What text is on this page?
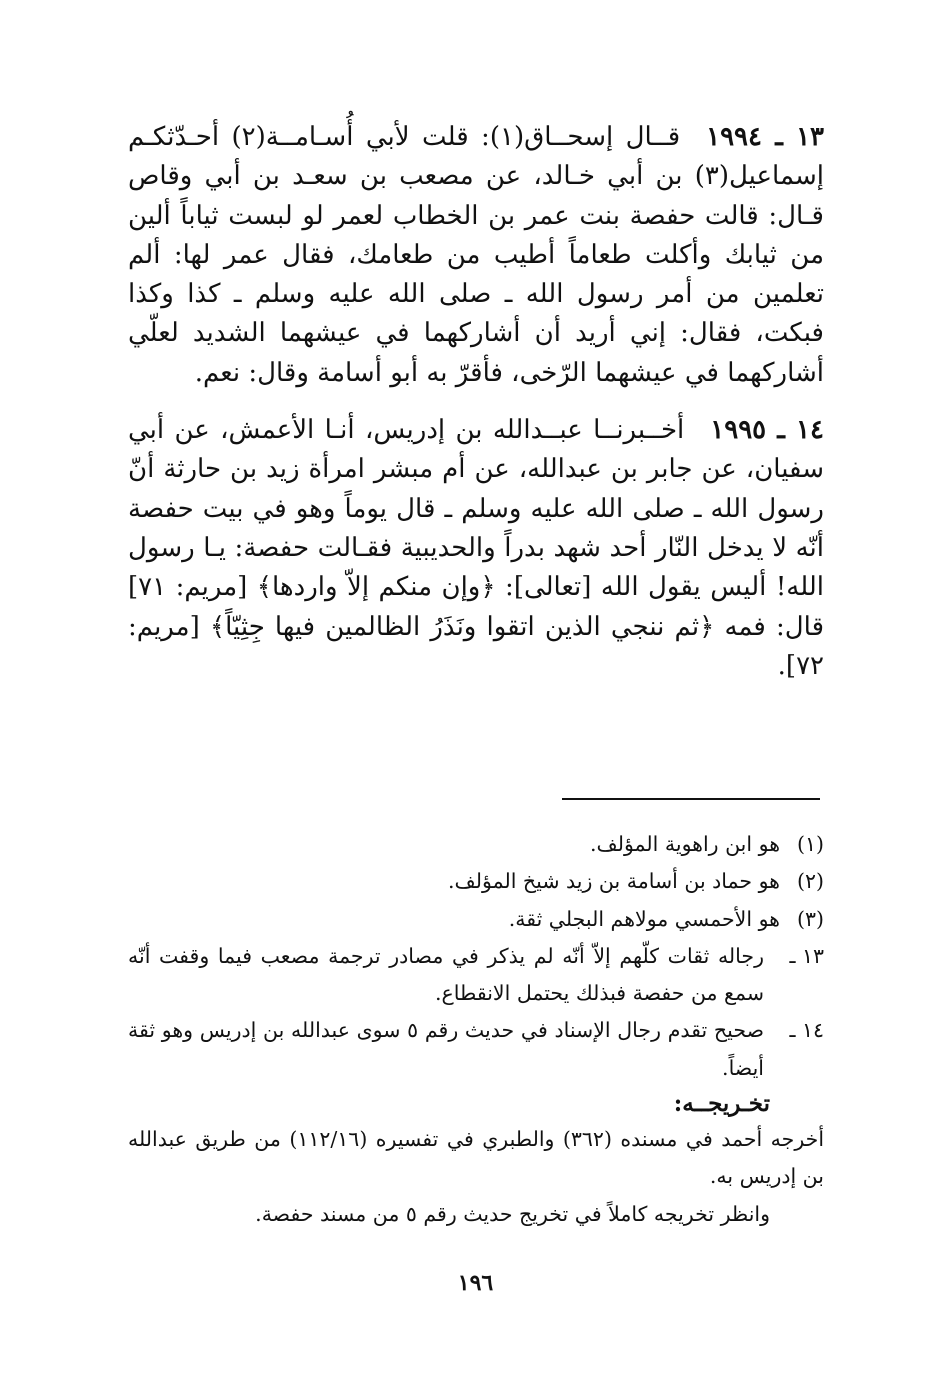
١٣ ـ ١٩٩٤قــال إسحــاق(١): قلت لأبي أُسـامــة(٢) أحـدّثكـم إسماعيل(٣) بن أبي خـالد، عن مصعب بن سعـد بن أبي وقاص قـال: قالت حفصة بنت عمر بن الخطاب لعمر لو لبست ثياباً ألين من ثيابك وأكلت طعاماً أطيب من طعامك، فقال عمر لها: ألم تعلمين من أمر رسول الله ـ صلى الله عليه وسلم ـ كذا وكذا فبكت، فقال: إني أريد أن أشاركهما في عيشهما الشديد لعلّي أشاركهما في عيشهما الرّخى، فأقرّ به أبو أسامة وقال: نعم.

١٤ ـ ١٩٩٥أخــبرنــا عبــدالله بن إدريس، أنـا الأعمش، عن أبي سفيان، عن جابر بن عبدالله، عن أم مبشر امرأة زيد بن حارثة أنّ رسول الله ـ صلى الله عليه وسلم ـ قال يوماً وهو في بيت حفصة أنّه لا يدخل النّار أحد شهد بدراً والحديبية فقـالت حفصة: يـا رسول الله! أليس يقول الله [تعالى]: ﴿وإن منكم إلاّ واردها﴾ [مريم: ٧١] قال: فمه ﴿ثم ننجي الذين اتقوا ونَذَرُ الظالمين فيها جِثِيّاً﴾ [مريم: ٧٢].

(١)
هو ابن راهوية المؤلف.
(٢)
هو حماد بن أسامة بن زيد شيخ المؤلف.
(٣)
هو الأحمسي مولاهم البجلي ثقة.
١٣ ـ
رجاله ثقات كلّهم إلاّ أنّه لم يذكر في مصادر ترجمة مصعب فيما وقفت أنّه سمع من حفصة فبذلك يحتمل الانقطاع.
١٤ ـ
صحيح تقدم رجال الإسناد في حديث رقم ٥ سوى عبدالله بن إدريس وهو ثقة أيضاً.
تخـريجــه:
أخرجه أحمد في مسنده (٣٦٢) والطبري في تفسيره (١١٢/١٦) من طريق عبدالله بن إدريس به.
وانظر تخريجه كاملاً في تخريج حديث رقم ٥ من مسند حفصة.
١٩٦
